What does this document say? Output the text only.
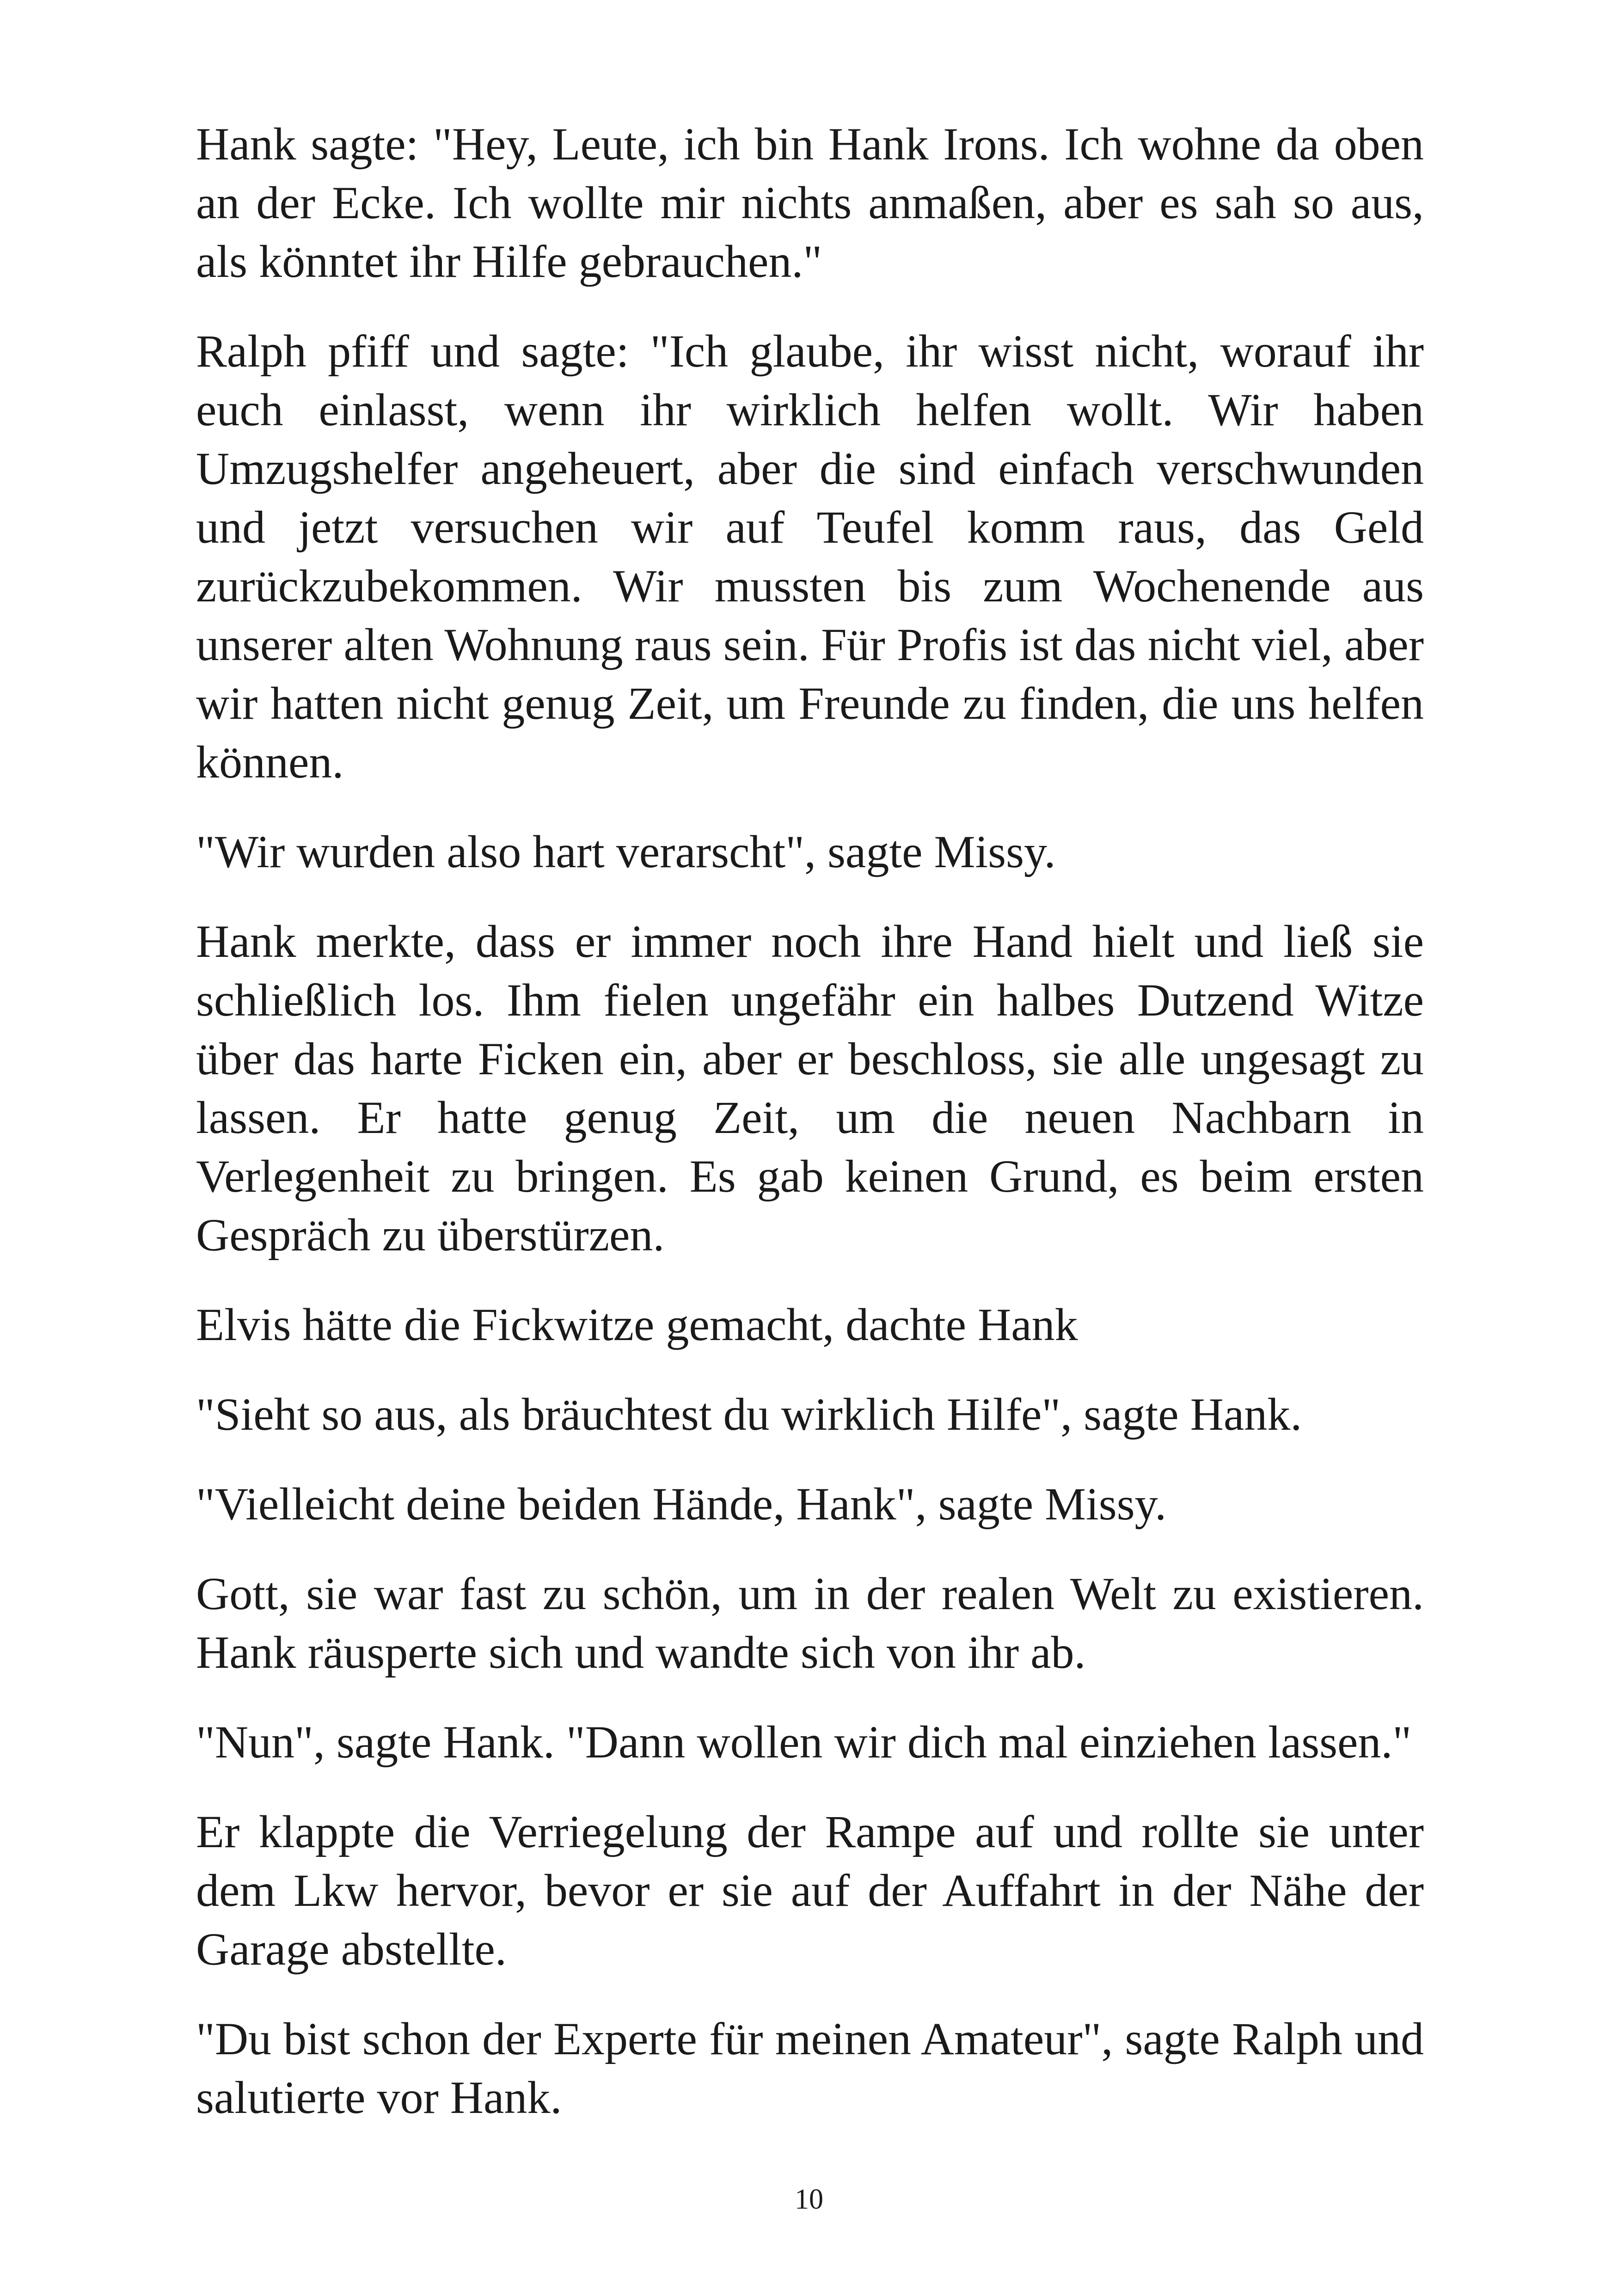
Hank sagte: "Hey, Leute, ich bin Hank Irons. Ich wohne da oben an der Ecke. Ich wollte mir nichts anmaßen, aber es sah so aus, als könntet ihr Hilfe gebrauchen."

Ralph pfiff und sagte: "Ich glaube, ihr wisst nicht, worauf ihr euch einlasst, wenn ihr wirklich helfen wollt. Wir haben Umzugshelfer angeheuert, aber die sind einfach verschwunden und jetzt versuchen wir auf Teufel komm raus, das Geld zurückzubekommen. Wir mussten bis zum Wochenende aus unserer alten Wohnung raus sein. Für Profis ist das nicht viel, aber wir hatten nicht genug Zeit, um Freunde zu finden, die uns helfen können.

"Wir wurden also hart verarscht", sagte Missy.

Hank merkte, dass er immer noch ihre Hand hielt und ließ sie schließlich los. Ihm fielen ungefähr ein halbes Dutzend Witze über das harte Ficken ein, aber er beschloss, sie alle ungesagt zu lassen. Er hatte genug Zeit, um die neuen Nachbarn in Verlegenheit zu bringen. Es gab keinen Grund, es beim ersten Gespräch zu überstürzen.

Elvis hätte die Fickwitze gemacht, dachte Hank

"Sieht so aus, als bräuchtest du wirklich Hilfe", sagte Hank.

"Vielleicht deine beiden Hände, Hank", sagte Missy.

Gott, sie war fast zu schön, um in der realen Welt zu existieren. Hank räusperte sich und wandte sich von ihr ab.

"Nun", sagte Hank. "Dann wollen wir dich mal einziehen lassen."

Er klappte die Verriegelung der Rampe auf und rollte sie unter dem Lkw hervor, bevor er sie auf der Auffahrt in der Nähe der Garage abstellte.

"Du bist schon der Experte für meinen Amateur", sagte Ralph und salutierte vor Hank.

10
